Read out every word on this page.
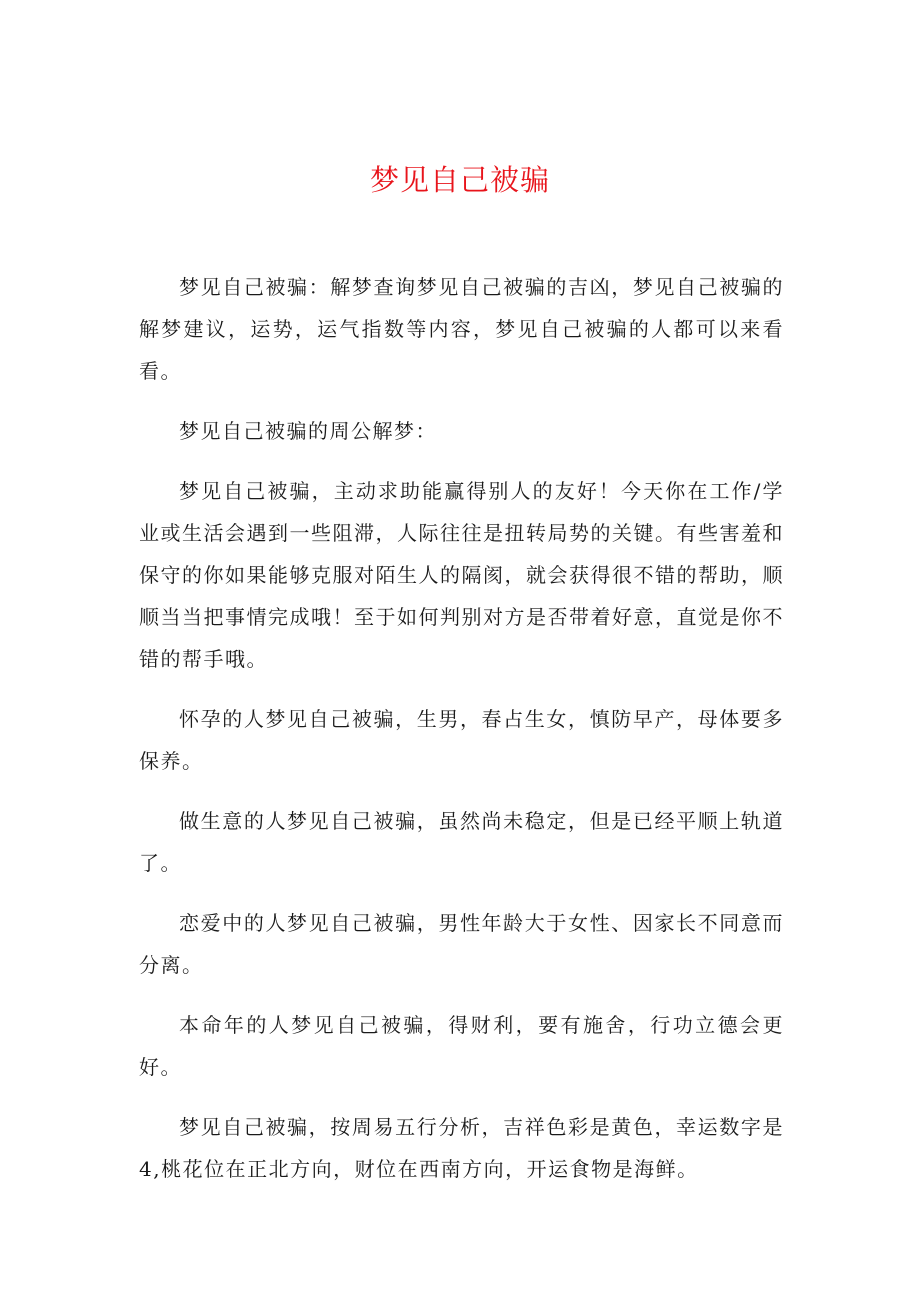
梦见自己被骗

梦见自己被骗：解梦查询梦见自己被骗的吉凶，梦见自己被骗的解梦建议，运势，运气指数等内容，梦见自己被骗的人都可以来看看。

梦见自己被骗的周公解梦：

梦见自己被骗，主动求助能赢得别人的友好！今天你在工作/学业或生活会遇到一些阻滞，人际往往是扭转局势的关键。有些害羞和保守的你如果能够克服对陌生人的隔阂，就会获得很不错的帮助，顺顺当当把事情完成哦！至于如何判别对方是否带着好意，直觉是你不错的帮手哦。

怀孕的人梦见自己被骗，生男，春占生女，慎防早产，母体要多保养。

做生意的人梦见自己被骗，虽然尚未稳定，但是已经平顺上轨道了。

恋爱中的人梦见自己被骗，男性年龄大于女性、因家长不同意而分离。

本命年的人梦见自己被骗，得财利，要有施舍，行功立德会更好。

梦见自己被骗，按周易五行分析，吉祥色彩是黄色，幸运数字是4,桃花位在正北方向，财位在西南方向，开运食物是海鲜。
